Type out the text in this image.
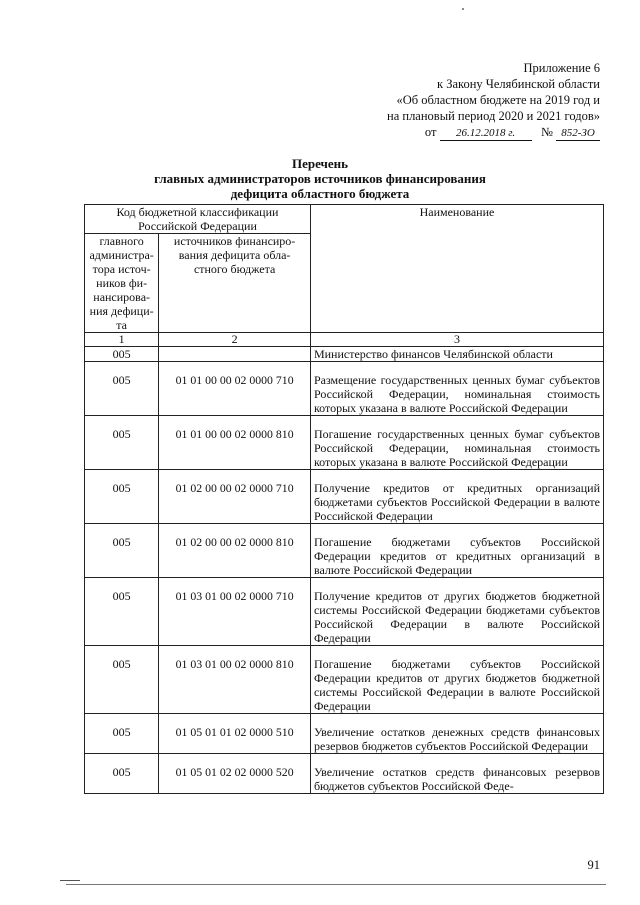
Приложение 6
к Закону Челябинской области
«Об областном бюджете на 2019 год и
на плановый период 2020 и 2021 годов»
от 26.12.2018 г. № 852-ЗО
Перечень
главных администраторов источников финансирования
дефицита областного бюджета
Код бюджетной классификации Российской Федерации		Наименование
главного администра-тора источ-ников фи-нансирова-ния дефици-та	источников финансиро-вания дефицита обла-стного бюджета	
1	2	3
005		Министерство финансов Челябинской области
005	01 01 00 00 02 0000 710	Размещение государственных ценных бумаг субъектов Российской Федерации, номинальная стоимость которых указана в валюте Российской Федерации
005	01 01 00 00 02 0000 810	Погашение государственных ценных бумаг субъектов Российской Федерации, номинальная стоимость которых указана в валюте Российской Федерации
005	01 02 00 00 02 0000 710	Получение кредитов от кредитных организаций бюджетами субъектов Российской Федерации в валюте Российской Федерации
005	01 02 00 00 02 0000 810	Погашение бюджетами субъектов Российской Федерации кредитов от кредитных организаций в валюте Российской Федерации
005	01 03 01 00 02 0000 710	Получение кредитов от других бюджетов бюджетной системы Российской Федерации бюджетами субъектов Российской Федерации в валюте Российской Федерации
005	01 03 01 00 02 0000 810	Погашение бюджетами субъектов Российской Федерации кредитов от других бюджетов бюджетной системы Российской Федерации в валюте Российской Федерации
005	01 05 01 01 02 0000 510	Увеличение остатков денежных средств финансовых резервов бюджетов субъектов Российской Федерации
005	01 05 01 02 02 0000 520	Увеличение остатков средств финансовых резервов бюджетов субъектов Российской Феде-
91
